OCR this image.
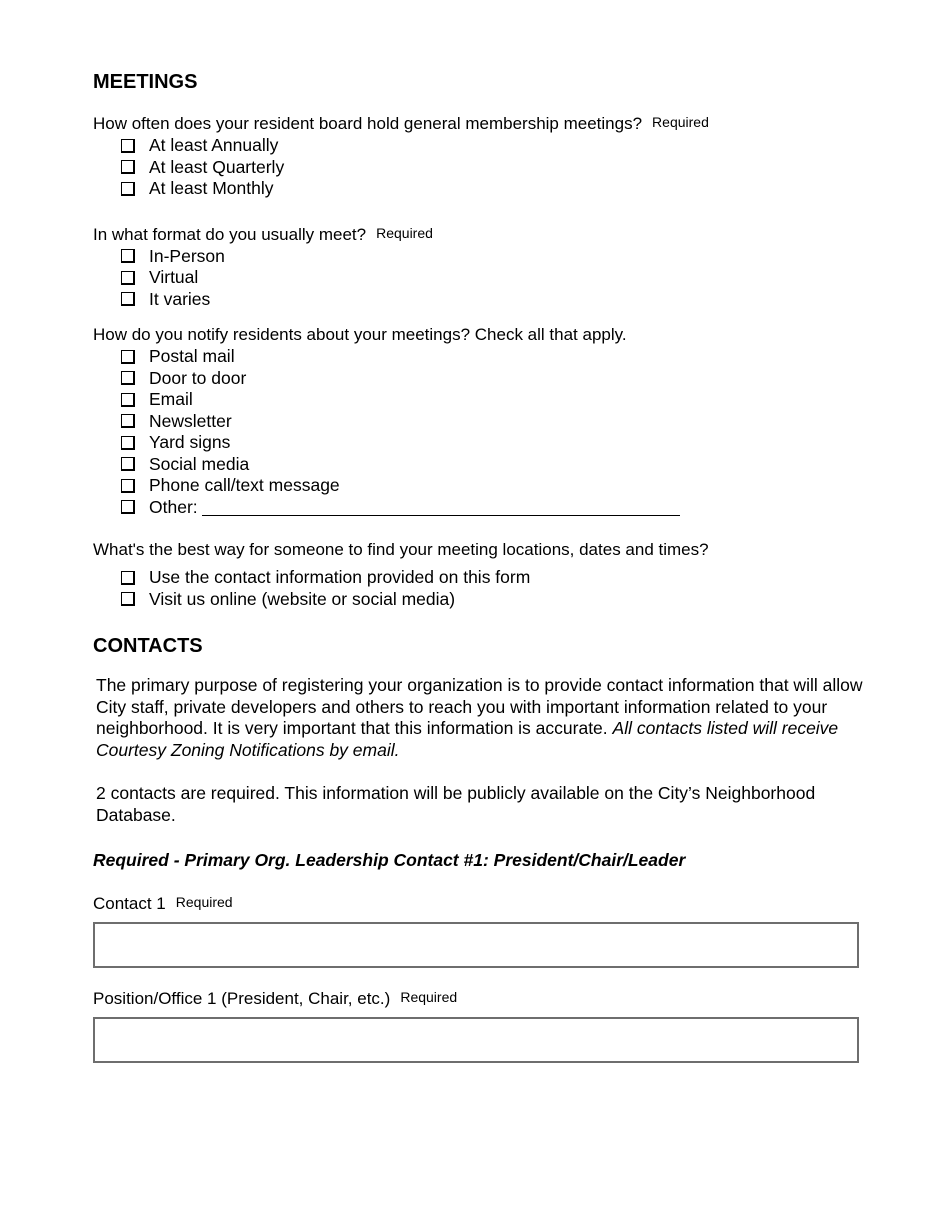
MEETINGS

How often does your resident board hold general membership meetings? Required

At least Annually
At least Quarterly
At least Monthly

In what format do you usually meet? Required

In-Person
Virtual
It varies

How do you notify residents about your meetings? Check all that apply.

Postal mail
Door to door
Email
Newsletter
Yard signs
Social media
Phone call/text message
Other:

What's the best way for someone to find your meeting locations, dates and times?

Use the contact information provided on this form
Visit us online (website or social media)
CONTACTS

The primary purpose of registering your organization is to provide contact information that will allow City staff, private developers and others to reach you with important information related to your neighborhood. It is very important that this information is accurate. All contacts listed will receive Courtesy Zoning Notifications by email.

2 contacts are required. This information will be publicly available on the City’s Neighborhood Database.

Required - Primary Org. Leadership Contact #1: President/Chair/Leader

Contact 1 Required

Position/Office 1 (President, Chair, etc.) Required
